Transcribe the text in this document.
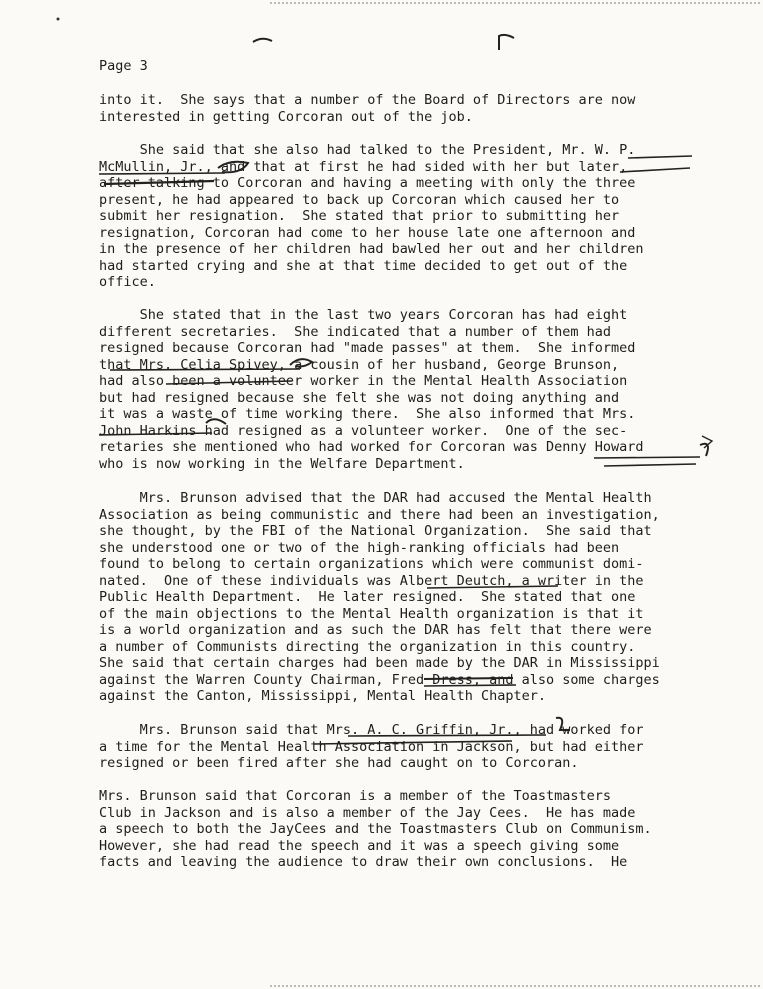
Page 3
into it.  She says that a number of the Board of Directors are now
interested in getting Corcoran out of the job.
She said that she also had talked to the President, Mr. W. P.
McMullin, Jr., and that at first he had sided with her but later,
after talking to Corcoran and having a meeting with only the three
present, he had appeared to back up Corcoran which caused her to
submit her resignation.  She stated that prior to submitting her
resignation, Corcoran had come to her house late one afternoon and
in the presence of her children had bawled her out and her children
had started crying and she at that time decided to get out of the
office.
She stated that in the last two years Corcoran has had eight
different secretaries.  She indicated that a number of them had
resigned because Corcoran had "made passes" at them.  She informed
that Mrs. Celia Spivey, a cousin of her husband, George Brunson,
had also been a volunteer worker in the Mental Health Association
but had resigned because she felt she was not doing anything and
it was a waste of time working there.  She also informed that Mrs.
John Harkins had resigned as a volunteer worker.  One of the sec-
retaries she mentioned who had worked for Corcoran was Denny Howard
who is now working in the Welfare Department.
Mrs. Brunson advised that the DAR had accused the Mental Health
Association as being communistic and there had been an investigation,
she thought, by the FBI of the National Organization.  She said that
she understood one or two of the high-ranking officials had been
found to belong to certain organizations which were communist domi-
nated.  One of these individuals was Albert Deutch, a writer in the
Public Health Department.  He later resigned.  She stated that one
of the main objections to the Mental Health organization is that it
is a world organization and as such the DAR has felt that there were
a number of Communists directing the organization in this country.
She said that certain charges had been made by the DAR in Mississippi
against the Warren County Chairman, Fred Dress, and also some charges
against the Canton, Mississippi, Mental Health Chapter.
Mrs. Brunson said that Mrs. A. C. Griffin, Jr., had worked for
a time for the Mental Health Association in Jackson, but had either
resigned or been fired after she had caught on to Corcoran.
Mrs. Brunson said that Corcoran is a member of the Toastmasters
Club in Jackson and is also a member of the Jay Cees.  He has made
a speech to both the JayCees and the Toastmasters Club on Communism.
However, she had read the speech and it was a speech giving some
facts and leaving the audience to draw their own conclusions.  He
